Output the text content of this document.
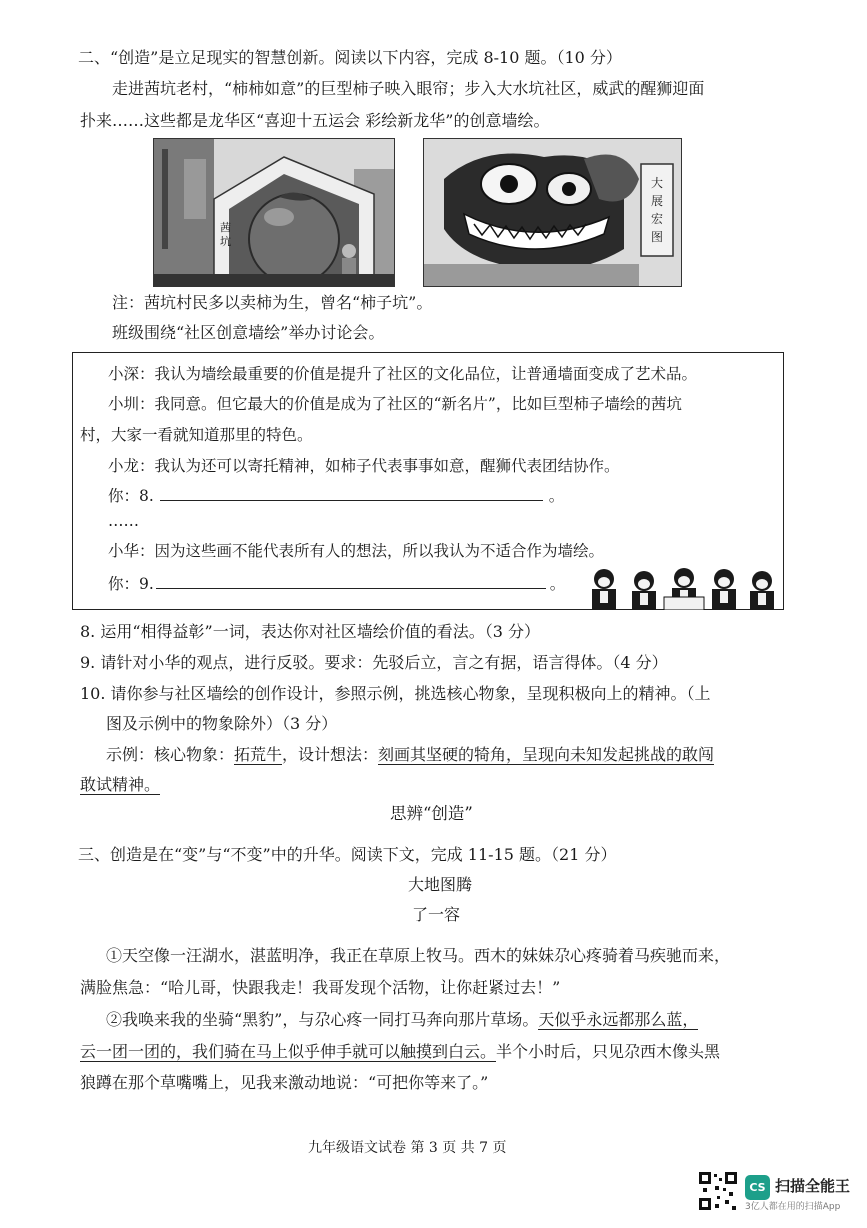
二、“创造”是立足现实的智慧创新。阅读以下内容，完成 8-10 题。（10 分）
走进茜坑老村，“柿柿如意”的巨型柿子映入眼帘；步入大水坑社区，威武的醒狮迎面
扑来……这些都是龙华区“喜迎十五运会 彩绘新龙华”的创意墙绘。
茜
坑
大
展
宏
图
注：茜坑村民多以卖柿为生，曾名“柿子坑”。
班级围绕“社区创意墙绘”举办讨论会。
小深：我认为墙绘最重要的价值是提升了社区的文化品位，让普通墙面变成了艺术品。
小圳：我同意。但它最大的价值是成为了社区的“新名片”，比如巨型柿子墙绘的茜坑
村，大家一看就知道那里的特色。
小龙：我认为还可以寄托精神，如柿子代表事事如意，醒狮代表团结协作。
你：8.	。
……
小华：因为这些画不能代表所有人的想法，所以我认为不适合作为墙绘。
你：9.	。
8. 运用“相得益彰”一词，表达你对社区墙绘价值的看法。（3 分）
9. 请针对小华的观点，进行反驳。要求：先驳后立，言之有据，语言得体。（4 分）
10. 请你参与社区墙绘的创作设计，参照示例，挑选核心物象，呈现积极向上的精神。（上
图及示例中的物象除外）（3 分）
示例：核心物象：拓荒牛，设计想法：刻画其坚硬的犄角，呈现向未知发起挑战的敢闯
敢试精神。
思辨“创造”
三、创造是在“变”与“不变”中的升华。阅读下文，完成 11-15 题。（21 分）
大地图腾
了一容
①天空像一汪湖水，湛蓝明净，我正在草原上牧马。西木的妹妹尕心疼骑着马疾驰而来，
满脸焦急：“哈儿哥，快跟我走！我哥发现个活物，让你赶紧过去！”
②我唤来我的坐骑“黑豹”，与尕心疼一同打马奔向那片草场。天似乎永远都那么蓝，
云一团一团的，我们骑在马上似乎伸手就可以触摸到白云。半个小时后，只见尕西木像头黑
狼蹲在那个草嘴嘴上，见我来激动地说：“可把你等来了。”
九年级语文试卷 第 3 页 共 7 页
CS 扫描全能王
3亿人都在用的扫描App
